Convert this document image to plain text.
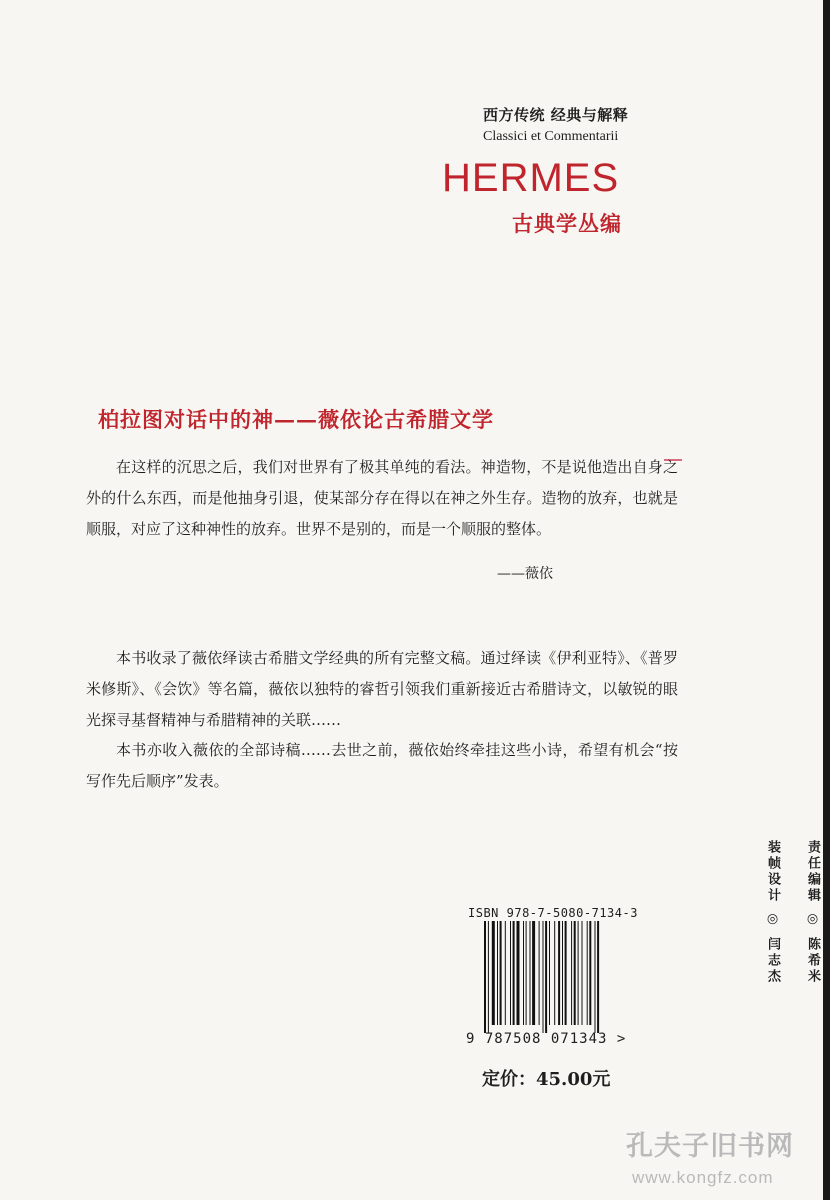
西方传统 经典与解释
Classici et Commentarii
HERMES
古典学丛编
柏拉图对话中的神——薇依论古希腊文学

在这样的沉思之后，我们对世界有了极其单纯的看法。神造物，不是说他造出自身之外的什么东西，而是他抽身引退，使某部分存在得以在神之外生存。造物的放弃，也就是顺服，对应了这种神性的放弃。世界不是别的，而是一个顺服的整体。

——薇依

本书收录了薇依绎读古希腊文学经典的所有完整文稿。通过绎读《伊利亚特》、《普罗米修斯》、《会饮》等名篇，薇依以独特的睿哲引领我们重新接近古希腊诗文，以敏锐的眼光探寻基督精神与希腊精神的关联……

本书亦收入薇依的全部诗稿……去世之前，薇依始终牵挂这些小诗，希望有机会“按写作先后顺序”发表。

ISBN 978-7-5080-7134-3
9 787508 071343 >
定价：45.00元
责任编辑 ◎ 陈希米
装帧设计 ◎ 闫志杰
孔夫子旧书网
www.kongfz.com
